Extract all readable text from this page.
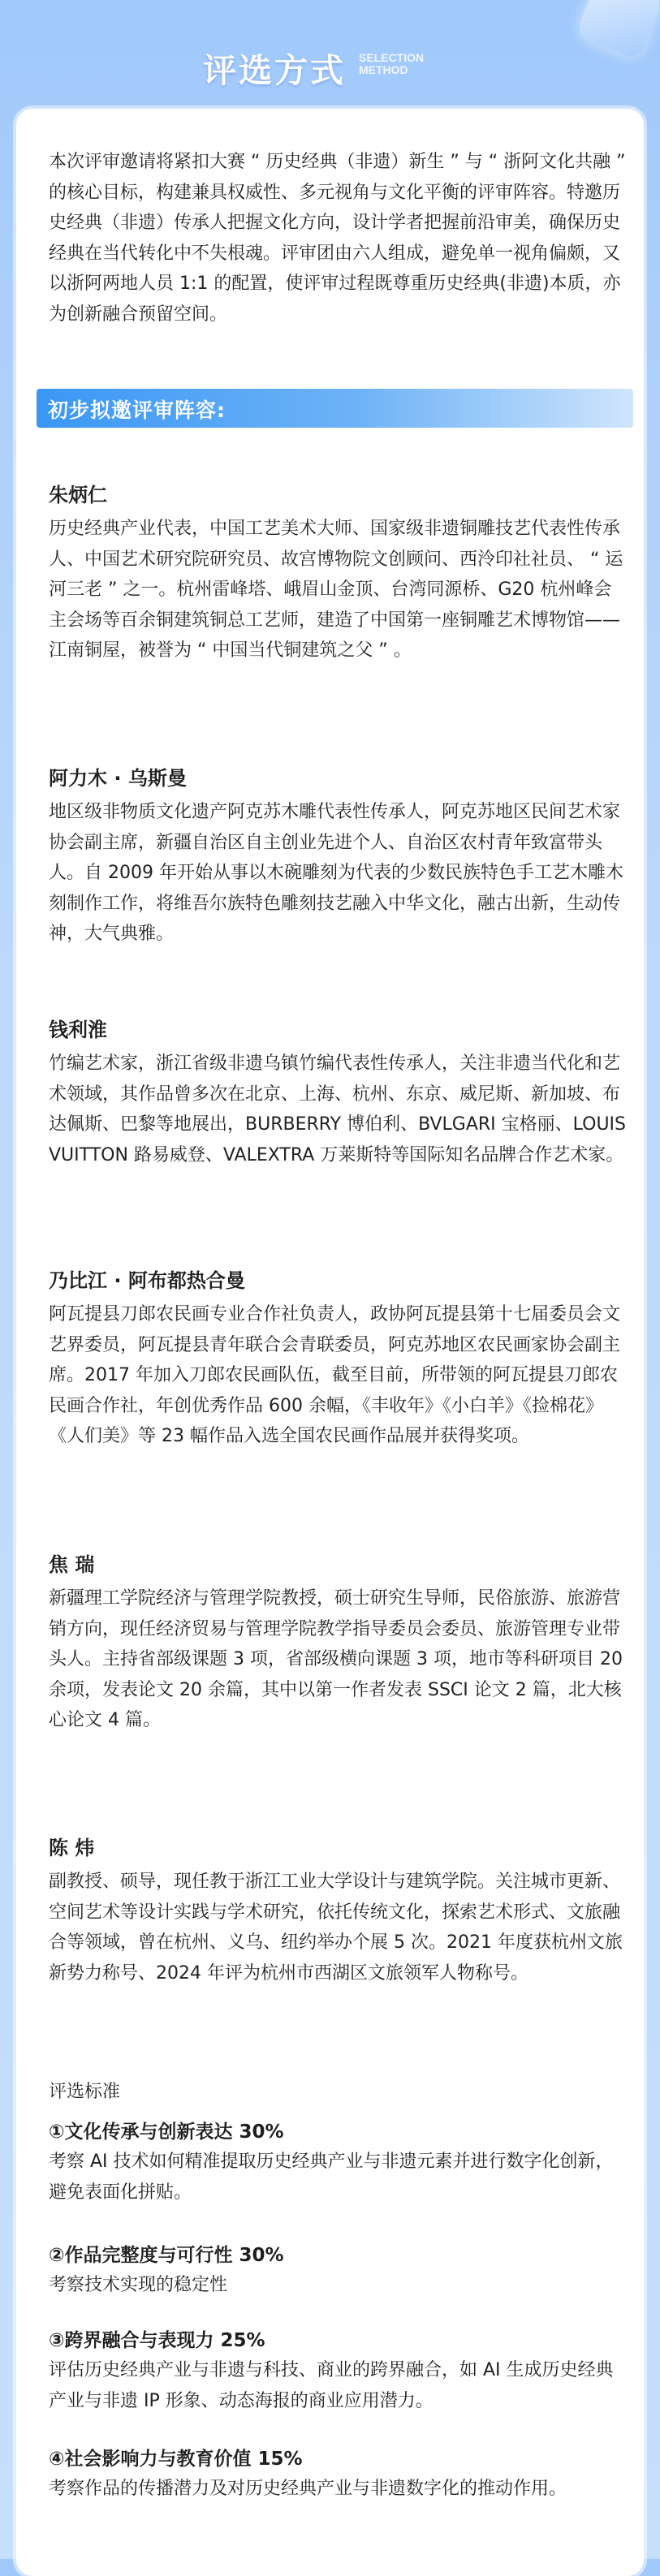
评选方式 SELECTION
METHOD
本次评审邀请将紧扣大赛 “ 历史经典（非遗）新生 ” 与 “ 浙阿文化共融 ” 的核心目标，构建兼具权威性、多元视角与文化平衡的评审阵容。特邀历史经典（非遗）传承人把握文化方向，设计学者把握前沿审美，确保历史经典在当代转化中不失根魂。评审团由六人组成，避免单一视角偏颇，又以浙阿两地人员 1:1 的配置，使评审过程既尊重历史经典(非遗)本质，亦为创新融合预留空间。
初步拟邀评审阵容:
朱炳仁
历史经典产业代表，中国工艺美术大师、国家级非遗铜雕技艺代表性传承人、中国艺术研究院研究员、故宫博物院文创顾问、西泠印社社员、 “ 运河三老 ” 之一。杭州雷峰塔、峨眉山金顶、台湾同源桥、G20 杭州峰会主会场等百余铜建筑铜总工艺师，建造了中国第一座铜雕艺术博物馆——江南铜屋，被誉为 “ 中国当代铜建筑之父 ” 。
阿力木 · 乌斯曼
地区级非物质文化遗产阿克苏木雕代表性传承人，阿克苏地区民间艺术家协会副主席，新疆自治区自主创业先进个人、自治区农村青年致富带头人。自 2009 年开始从事以木碗雕刻为代表的少数民族特色手工艺木雕木刻制作工作，将维吾尔族特色雕刻技艺融入中华文化，融古出新，生动传神，大气典雅。
钱利淮
竹编艺术家，浙江省级非遗乌镇竹编代表性传承人，关注非遗当代化和艺术领域，其作品曾多次在北京、上海、杭州、东京、威尼斯、新加坡、布达佩斯、巴黎等地展出，BURBERRY 博伯利、BVLGARI 宝格丽、LOUIS VUITTON 路易威登、VALEXTRA 万莱斯特等国际知名品牌合作艺术家。
乃比江 · 阿布都热合曼
阿瓦提县刀郎农民画专业合作社负责人，政协阿瓦提县第十七届委员会文艺界委员，阿瓦提县青年联合会青联委员，阿克苏地区农民画家协会副主席。2017 年加入刀郎农民画队伍，截至目前，所带领的阿瓦提县刀郎农民画合作社，年创优秀作品 600 余幅，《丰收年》《小白羊》《捡棉花》《人们美》等 23 幅作品入选全国农民画作品展并获得奖项。
焦 瑞
新疆理工学院经济与管理学院教授，硕士研究生导师，民俗旅游、旅游营销方向，现任经济贸易与管理学院教学指导委员会委员、旅游管理专业带头人。主持省部级课题 3 项，省部级横向课题 3 项，地市等科研项目 20 余项，发表论文 20 余篇，其中以第一作者发表 SSCI 论文 2 篇，北大核心论文 4 篇。
陈 炜
副教授、硕导，现任教于浙江工业大学设计与建筑学院。关注城市更新、空间艺术等设计实践与学术研究，依托传统文化，探索艺术形式、文旅融合等领域，曾在杭州、义乌、纽约举办个展 5 次。2021 年度获杭州文旅新势力称号、2024 年评为杭州市西湖区文旅领军人物称号。
评选标准
①文化传承与创新表达 30%
考察 AI 技术如何精准提取历史经典产业与非遗元素并进行数字化创新，避免表面化拼贴。
②作品完整度与可行性 30%
考察技术实现的稳定性
③跨界融合与表现力 25%
评估历史经典产业与非遗与科技、商业的跨界融合，如 AI 生成历史经典产业与非遗 IP 形象、动态海报的商业应用潜力。
④社会影响力与教育价值 15%
考察作品的传播潜力及对历史经典产业与非遗数字化的推动作用。
